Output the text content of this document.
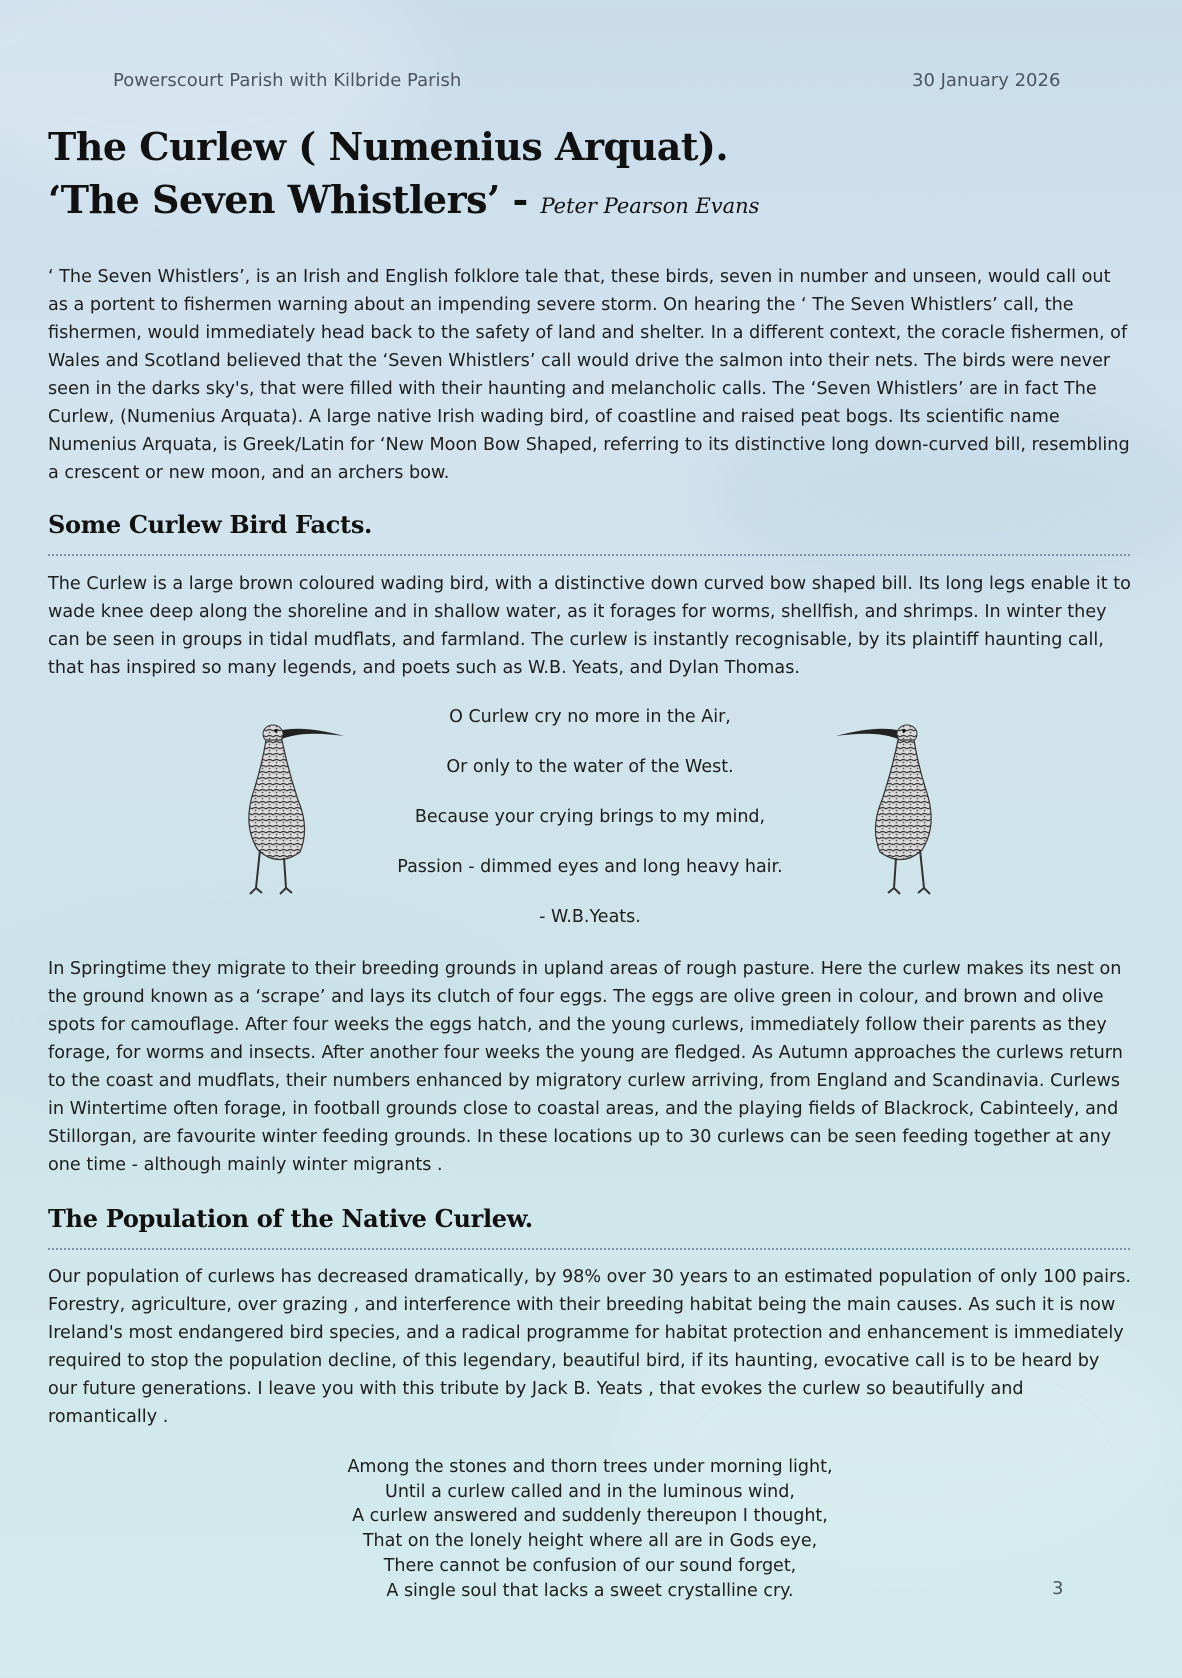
Powerscourt Parish with Kilbride Parish	30 January 2026
The Curlew ( Numenius Arquat).
‘The Seven Whistlers’ - Peter Pearson Evans

‘ The Seven Whistlers’, is an Irish and English folklore tale that, these birds, seven in number and unseen, would call out as a portent to fishermen warning about an impending severe storm. On hearing the ‘ The Seven Whistlers’ call, the fishermen, would immediately head back to the safety of land and shelter. In a different context, the coracle fishermen, of Wales and Scotland believed that the ‘Seven Whistlers’ call would drive the salmon into their nets. The birds were never seen in the darks sky's, that were filled with their haunting and melancholic calls. The ‘Seven Whistlers’ are in fact The Curlew, (Numenius Arquata). A large native Irish wading bird, of coastline and raised peat bogs. Its scientific name Numenius Arquata, is Greek/Latin for ‘New Moon Bow Shaped, referring to its distinctive long down-curved bill, resembling a crescent or new moon, and an archers bow.

Some Curlew Bird Facts.

The Curlew is a large brown coloured wading bird, with a distinctive down curved bow shaped bill. Its long legs enable it to wade knee deep along the shoreline and in shallow water, as it forages for worms, shellfish, and shrimps. In winter they can be seen in groups in tidal mudflats, and farmland. The curlew is instantly recognisable, by its plaintiff haunting call, that has inspired so many legends, and poets such as W.B. Yeats, and Dylan Thomas.

O Curlew cry no more in the Air,
Or only to the water of the West.
Because your crying brings to my mind,
Passion - dimmed eyes and long heavy hair.
- W.B.Yeats.

In Springtime they migrate to their breeding grounds in upland areas of rough pasture. Here the curlew makes its nest on the ground known as a ‘scrape’ and lays its clutch of four eggs. The eggs are olive green in colour, and brown and olive spots for camouflage. After four weeks the eggs hatch, and the young curlews, immediately follow their parents as they forage, for worms and insects. After another four weeks the young are fledged. As Autumn approaches the curlews return to the coast and mudflats, their numbers enhanced by migratory curlew arriving, from England and Scandinavia. Curlews in Wintertime often forage, in football grounds close to coastal areas, and the playing fields of Blackrock, Cabinteely, and Stillorgan, are favourite winter feeding grounds. In these locations up to 30 curlews can be seen feeding together at any one time - although mainly winter migrants .

The Population of the Native Curlew.

Our population of curlews has decreased dramatically, by 98% over 30 years to an estimated population of only 100 pairs. Forestry, agriculture, over grazing , and interference with their breeding habitat being the main causes. As such it is now Ireland's most endangered bird species, and a radical programme for habitat protection and enhancement is immediately required to stop the population decline, of this legendary, beautiful bird, if its haunting, evocative call is to be heard by our future generations. I leave you with this tribute by Jack B. Yeats , that evokes the curlew so beautifully and romantically .

Among the stones and thorn trees under morning light,
Until a curlew called and in the luminous wind,
A curlew answered and suddenly thereupon I thought,
That on the lonely height where all are in Gods eye,
There cannot be confusion of our sound forget,
A single soul that lacks a sweet crystalline cry.	3
